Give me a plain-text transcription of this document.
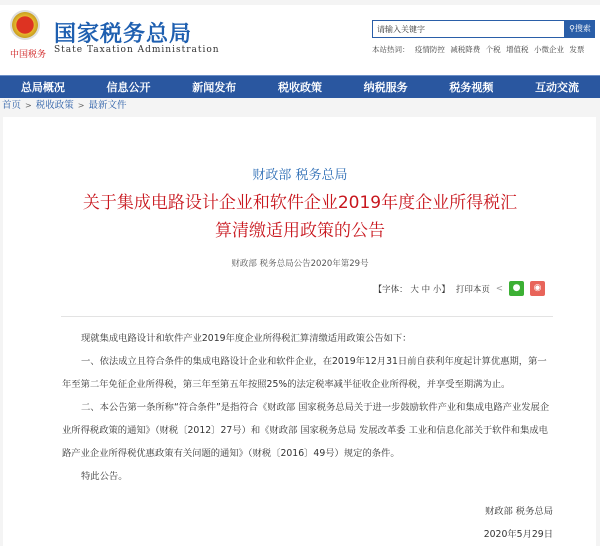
中国税务
国家税务总局
State Taxation Administration
请输入关键字	⚲搜索
本站热词： 疫情防控 减税降费 个税 增值税 小微企业 发票
总局概况	信息公开	新闻发布	税收政策	纳税服务	税务视频	互动交流
首页 > 税收政策 > 最新文件
财政部 税务总局
关于集成电路设计企业和软件企业2019年度企业所得税汇
算清缴适用政策的公告
财政部 税务总局公告2020年第29号
【字体： 大 中 小】 打印本页 <	●	◉

现就集成电路设计和软件产业2019年度企业所得税汇算清缴适用政策公告如下：

一、依法成立且符合条件的集成电路设计企业和软件企业，在2019年12月31日前自获利年度起计算优惠期，第一年至第二年免征企业所得税，第三年至第五年按照25%的法定税率减半征收企业所得税，并享受至期满为止。

二、本公告第一条所称“符合条件”是指符合《财政部 国家税务总局关于进一步鼓励软件产业和集成电路产业发展企业所得税政策的通知》（财税〔2012〕27号）和《财政部 国家税务总局 发展改革委 工业和信息化部关于软件和集成电路产业企业所得税优惠政策有关问题的通知》（财税〔2016〕49号）规定的条件。

特此公告。

财政部 税务总局
2020年5月29日
